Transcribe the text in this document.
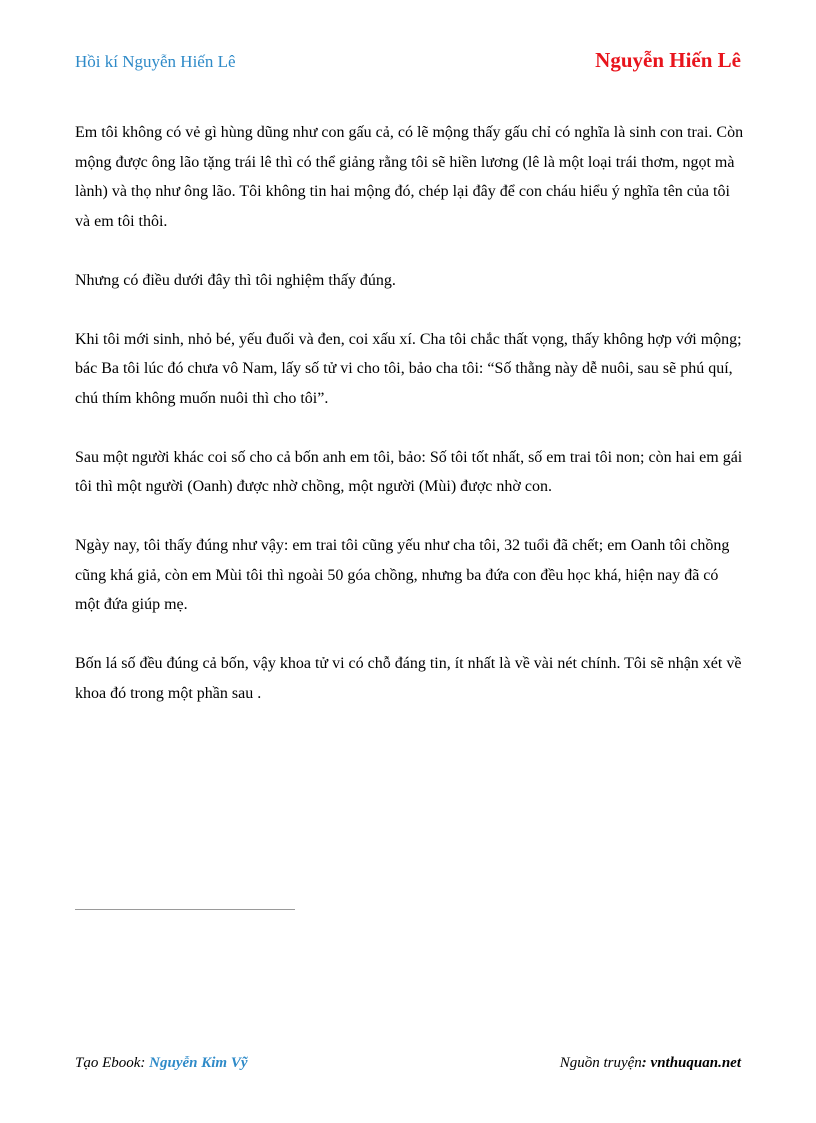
Hồi kí Nguyễn Hiến Lê	Nguyễn Hiến Lê

Em tôi không có vẻ gì hùng dũng như con gấu cả, có lẽ mộng thấy gấu chỉ có nghĩa là sinh con trai. Còn mộng được ông lão tặng trái lê thì có thể giảng rằng tôi sẽ hiền lương (lê là một loại trái thơm, ngọt mà lành) và thọ như ông lão. Tôi không tin hai mộng đó, chép lại đây để con cháu hiểu ý nghĩa tên của tôi và em tôi thôi.

Nhưng có điều dưới đây thì tôi nghiệm thấy đúng.

Khi tôi mới sinh, nhỏ bé, yếu đuối và đen, coi xấu xí. Cha tôi chắc thất vọng, thấy không hợp với mộng; bác Ba tôi lúc đó chưa vô Nam, lấy số tử vi cho tôi, bảo cha tôi: “Số thằng này dễ nuôi, sau sẽ phú quí, chú thím không muốn nuôi thì cho tôi”.

Sau một người khác coi số cho cả bốn anh em tôi, bảo: Số tôi tốt nhất, số em trai tôi non; còn hai em gái tôi thì một người (Oanh) được nhờ chồng, một người (Mùi) được nhờ con.

Ngày nay, tôi thấy đúng như vậy: em trai tôi cũng yếu như cha tôi, 32 tuổi đã chết; em Oanh tôi chồng cũng khá giả, còn em Mùi tôi thì ngoài 50 góa chồng, nhưng ba đứa con đều học khá, hiện nay đã có một đứa giúp mẹ.

Bốn lá số đều đúng cả bốn, vậy khoa tử vi có chỗ đáng tin, ít nhất là về vài nét chính. Tôi sẽ nhận xét về khoa đó trong một phần sau .

Tạo Ebook: Nguyễn Kim Vỹ	Nguồn truyện: vnthuquan.net
